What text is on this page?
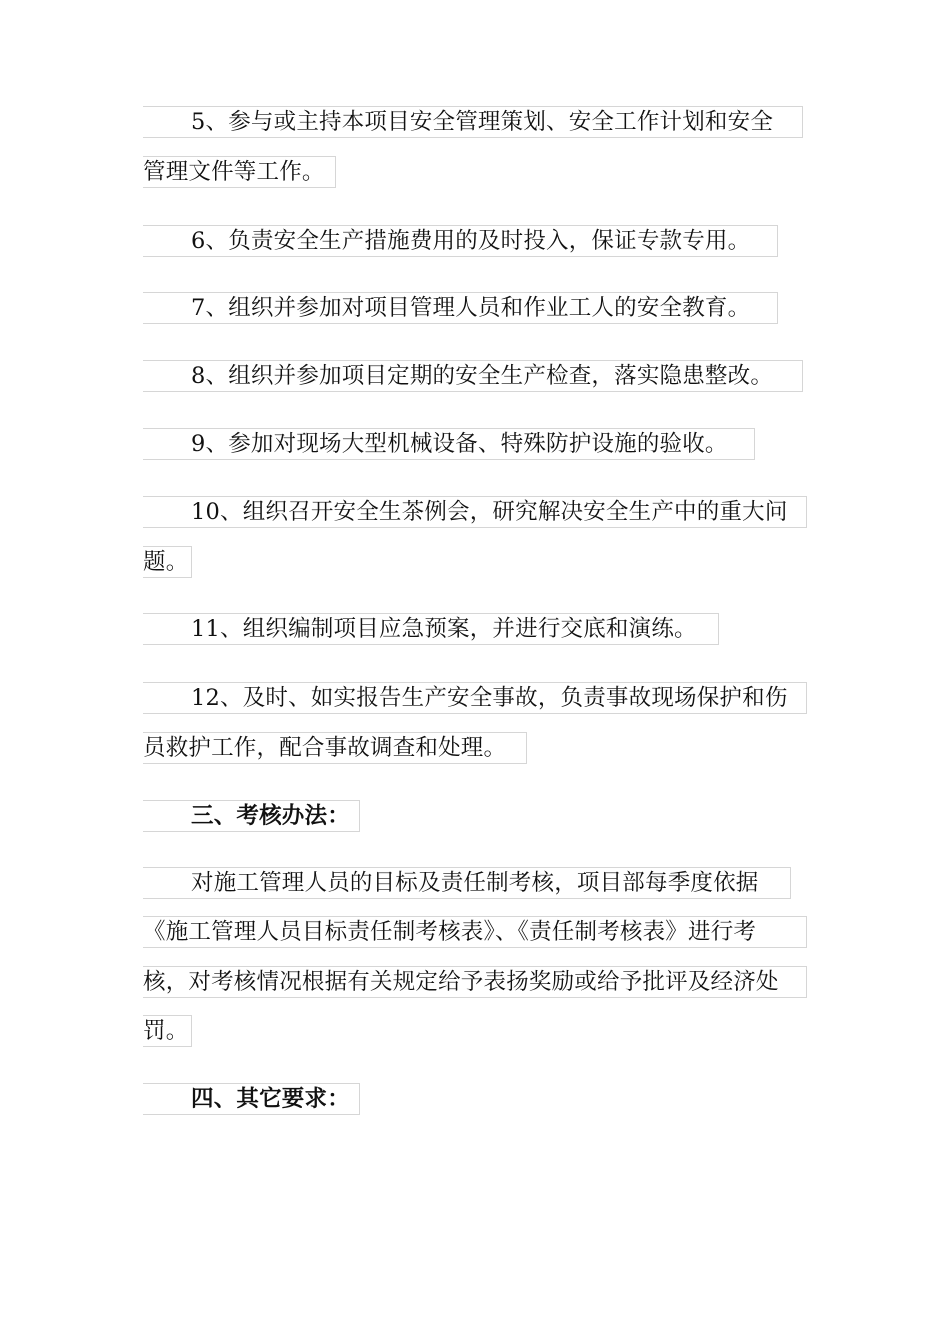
5、参与或主持本项目安全管理策划、安全工作计划和安全
管理文件等工作。
6、负责安全生产措施费用的及时投入，保证专款专用。
7、组织并参加对项目管理人员和作业工人的安全教育。
8、组织并参加项目定期的安全生产检查，落实隐患整改。
9、参加对现场大型机械设备、特殊防护设施的验收。
10、组织召开安全生茶例会，研究解决安全生产中的重大问
题。
11、组织编制项目应急预案，并进行交底和演练。
12、及时、如实报告生产安全事故，负责事故现场保护和伤
员救护工作，配合事故调查和处理。
三、考核办法：
对施工管理人员的目标及责任制考核，项目部每季度依据
《施工管理人员目标责任制考核表》、《责任制考核表》进行考
核，对考核情况根据有关规定给予表扬奖励或给予批评及经济处
罚。
四、其它要求：
